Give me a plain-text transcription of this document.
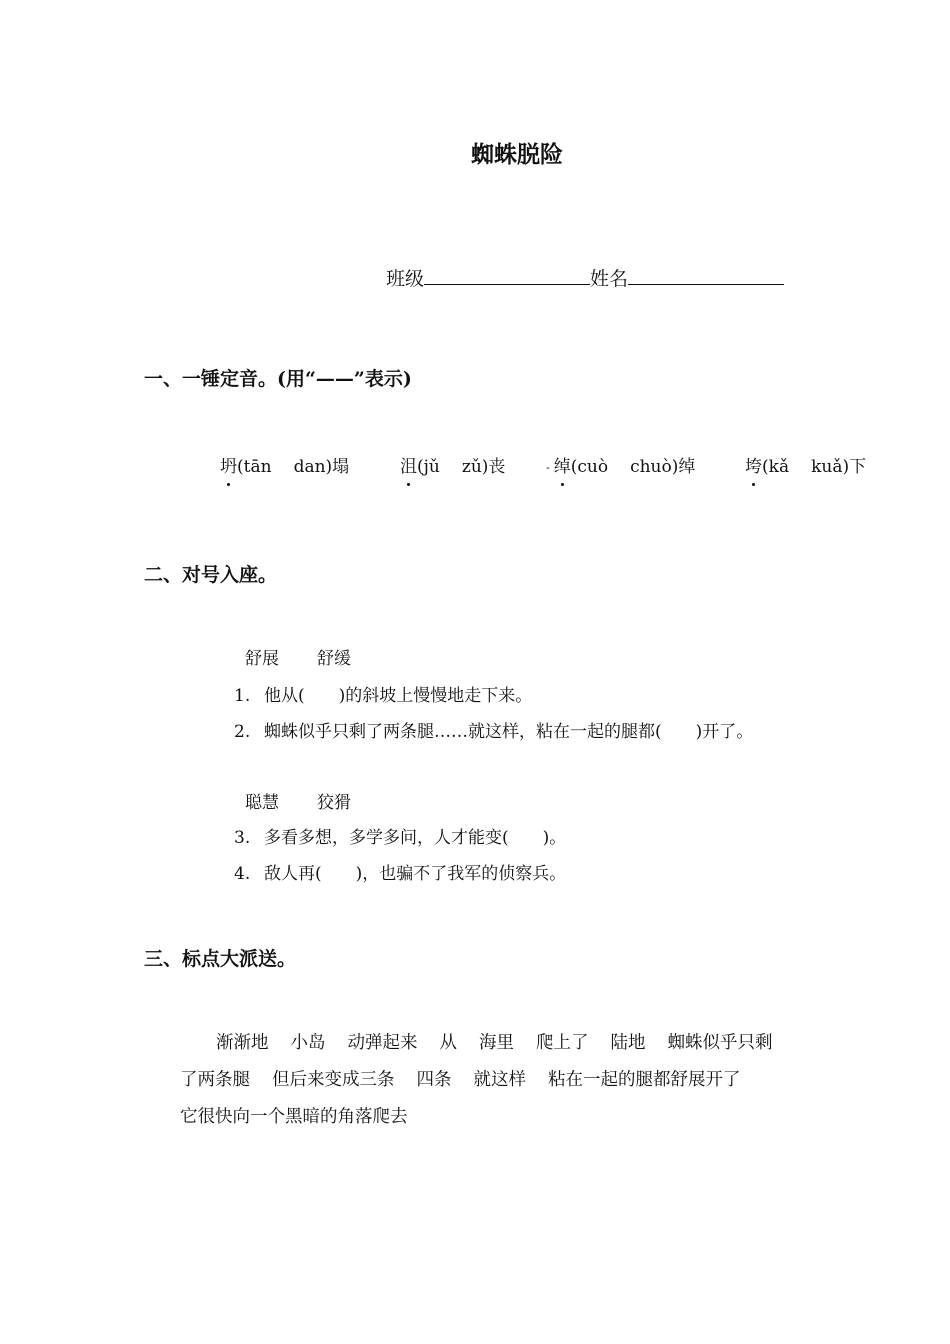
蜘蛛脱险
班级	姓名
一、一锤定音。(用“——”表示)
坍(tān dan)塌	沮(jǔ zǔ)丧	- 绰(cuò chuò)绰	垮(kǎ kuǎ)下
二、对号入座。
舒展 舒缓
1. 他从(　　)的斜坡上慢慢地走下来。
2. 蜘蛛似乎只剩了两条腿……就这样，粘在一起的腿都(　　)开了。
聪慧 狡猾
3. 多看多想，多学多问，人才能变(　　)。
4. 敌人再(　　)，也骗不了我军的侦察兵。
三、标点大派送。
渐渐地 小岛 动弹起来 从 海里 爬上了 陆地 蜘蛛似乎只剩
了两条腿 但后来变成三条 四条 就这样 粘在一起的腿都舒展开了
它很快向一个黑暗的角落爬去
